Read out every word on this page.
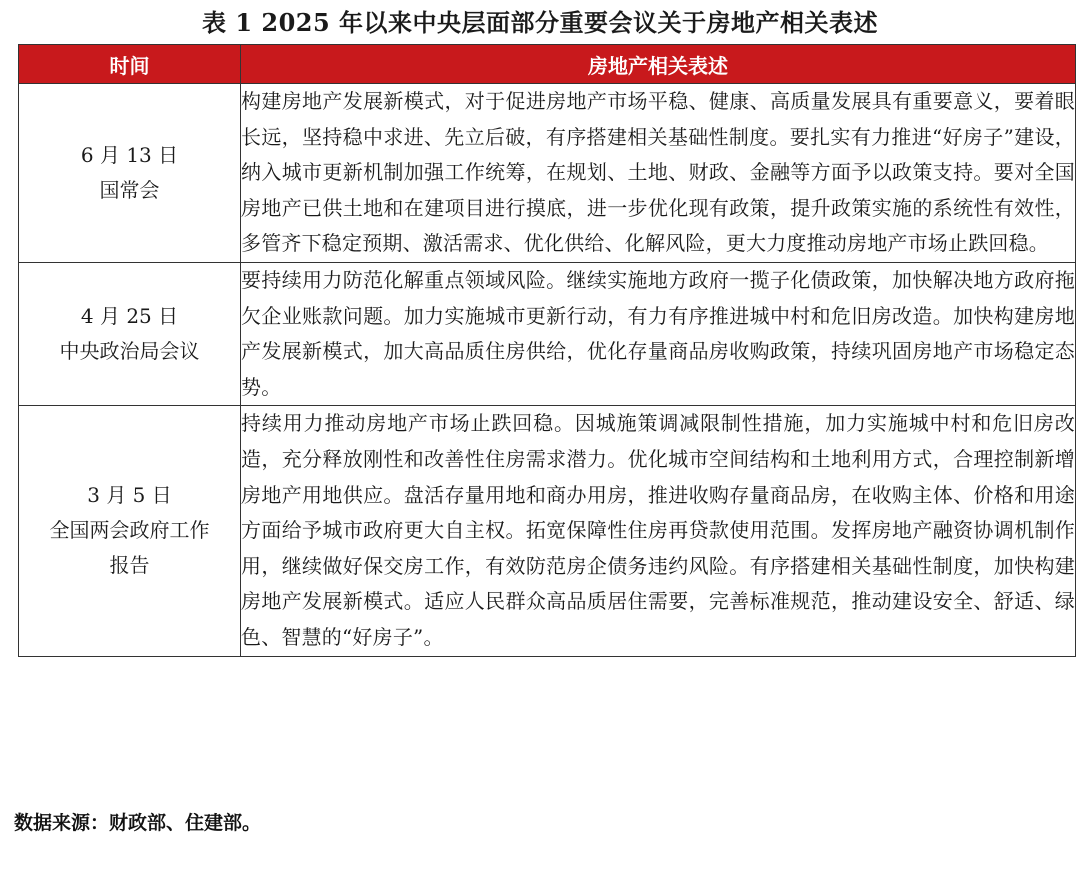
表 1 2025 年以来中央层面部分重要会议关于房地产相关表述
时间	房地产相关表述

6 月 13 日
国常会	构建房地产发展新模式，对于促进房地产市场平稳、健康、高质量发展具有重要意义，要着眼长远，坚持稳中求进、先立后破，有序搭建相关基础性制度。要扎实有力推进“好房子”建设，纳入城市更新机制加强工作统筹，在规划、土地、财政、金融等方面予以政策支持。要对全国房地产已供土地和在建项目进行摸底，进一步优化现有政策，提升政策实施的系统性有效性，多管齐下稳定预期、激活需求、优化供给、化解风险，更大力度推动房地产市场止跌回稳。

4 月 25 日
中央政治局会议	要持续用力防范化解重点领域风险。继续实施地方政府一揽子化债政策，加快解决地方政府拖欠企业账款问题。加力实施城市更新行动，有力有序推进城中村和危旧房改造。加快构建房地产发展新模式，加大高品质住房供给，优化存量商品房收购政策，持续巩固房地产市场稳定态势。

3 月 5 日
全国两会政府工作报告	持续用力推动房地产市场止跌回稳。因城施策调减限制性措施，加力实施城中村和危旧房改造，充分释放刚性和改善性住房需求潜力。优化城市空间结构和土地利用方式，合理控制新增房地产用地供应。盘活存量用地和商办用房，推进收购存量商品房，在收购主体、价格和用途方面给予城市政府更大自主权。拓宽保障性住房再贷款使用范围。发挥房地产融资协调机制作用，继续做好保交房工作，有效防范房企债务违约风险。有序搭建相关基础性制度，加快构建房地产发展新模式。适应人民群众高品质居住需要，完善标准规范，推动建设安全、舒适、绿色、智慧的“好房子”。
数据来源：财政部、住建部。
